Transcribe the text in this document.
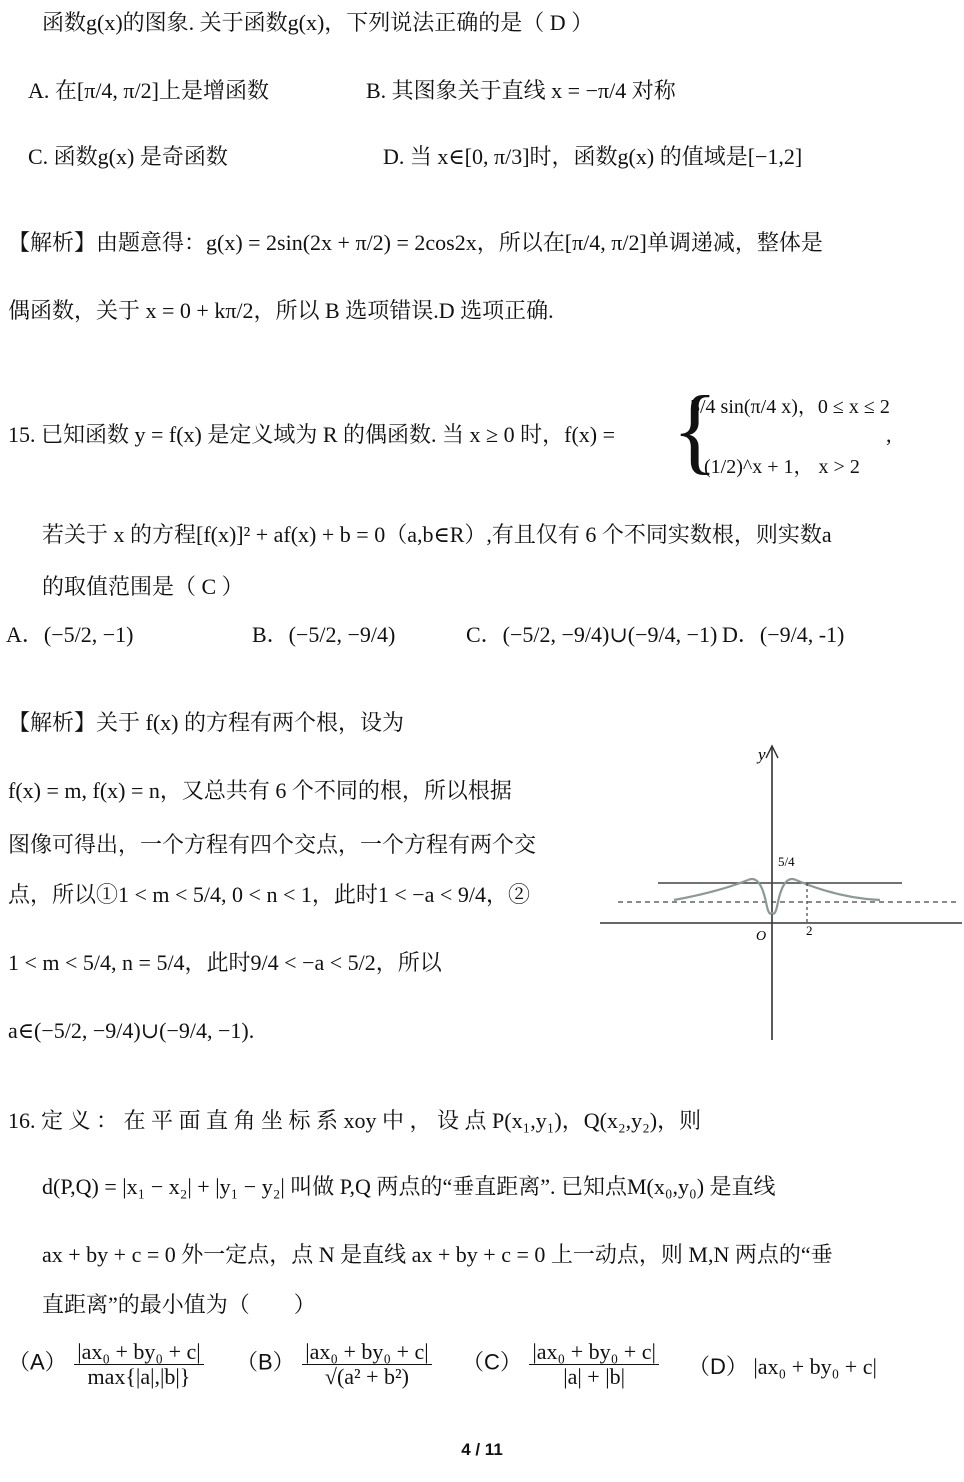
函数g(x)的图象. 关于函数g(x)，下列说法正确的是（ D ）
A. 在[π/4, π/2]上是增函数	B. 其图象关于直线 x = −π/4 对称
C. 函数g(x) 是奇函数	D. 当 x∈[0, π/3]时，函数g(x) 的值域是[−1,2]
【解析】由题意得：g(x) = 2sin(2x + π/2) = 2cos2x，所以在[π/4, π/2]单调递减，整体是
偶函数，关于 x = 0 + kπ/2，所以 B 选项错误.D 选项正确.
15. 已知函数 y = f(x) 是定义域为 R 的偶函数. 当 x ≥ 0 时，f(x) = {
5/4 sin(π/4 x)，0 ≤ x ≤ 2
(1/2)^x + 1， x > 2
,
若关于 x 的方程[f(x)]² + af(x) + b = 0（a,b∈R）,有且仅有 6 个不同实数根，则实数a
的取值范围是（ C ）
A．(−5/2, −1)	B．(−5/2, −9/4)	C．(−5/2, −9/4)∪(−9/4, −1) D．(−9/4, -1)
【解析】关于 f(x) 的方程有两个根，设为
f(x) = m, f(x) = n，又总共有 6 个不同的根，所以根据
图像可得出，一个方程有四个交点，一个方程有两个交
点，所以①1 < m < 5/4, 0 < n < 1，此时1 < −a < 9/4，②
1 < m < 5/4, n = 5/4，此时9/4 < −a < 5/2，所以
a∈(−5/2, −9/4)∪(−9/4, −1).
y
O
5/4
2
16. 定 义 ： 在 平 面 直 角 坐 标 系 xoy 中 ， 设 点 P(x₁,y₁)，Q(x₂,y₂)，则
d(P,Q) = |x₁ − x₂| + |y₁ − y₂| 叫做 P,Q 两点的“垂直距离”. 已知点M(x₀,y₀) 是直线
ax + by + c = 0 外一定点，点 N 是直线 ax + by + c = 0 上一动点，则 M,N 两点的“垂
直距离”的最小值为（　　）
$(A) \frac{\text{|ax₀ + by₀ + c|}}{\max\{|a|,|b|\}} (B) \frac{\text{|ax₀ + by₀ + c|}}{\text{√(a² + b²)}} (C) \frac{\text{|ax₀ + by₀ + c|}}{|a| + |b|} (D) |ax_0 + by_0 + c|$
4 / 11
